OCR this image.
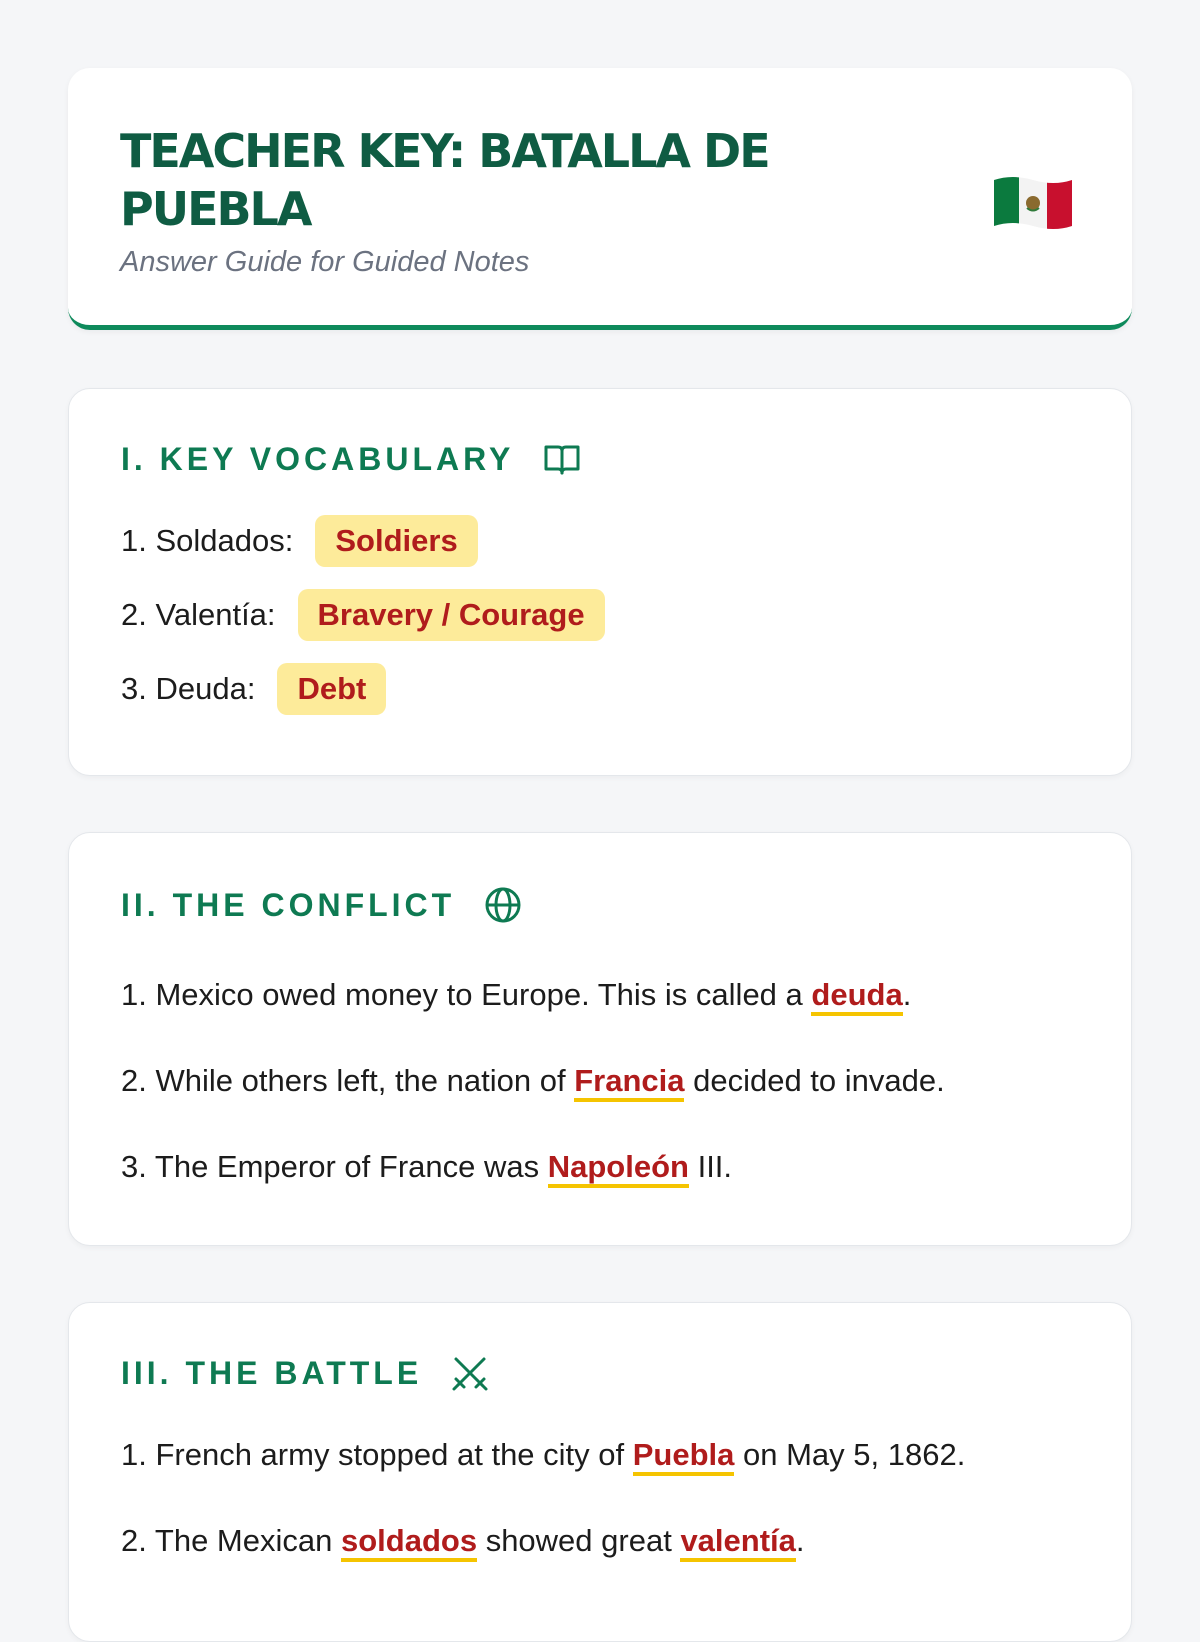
TEACHER KEY: BATALLA DE PUEBLA

Answer Guide for Guided Notes

I. KEY VOCABULARY
1. Soldados:	Soldiers
2. Valentía:	Bravery / Courage
3. Deuda:	Debt
II. THE CONFLICT

1. Mexico owed money to Europe. This is called a deuda.

2. While others left, the nation of Francia decided to invade.

3. The Emperor of France was Napoleón III.

III. THE BATTLE

1. French army stopped at the city of Puebla on May 5, 1862.

2. The Mexican soldados showed great valentía.
